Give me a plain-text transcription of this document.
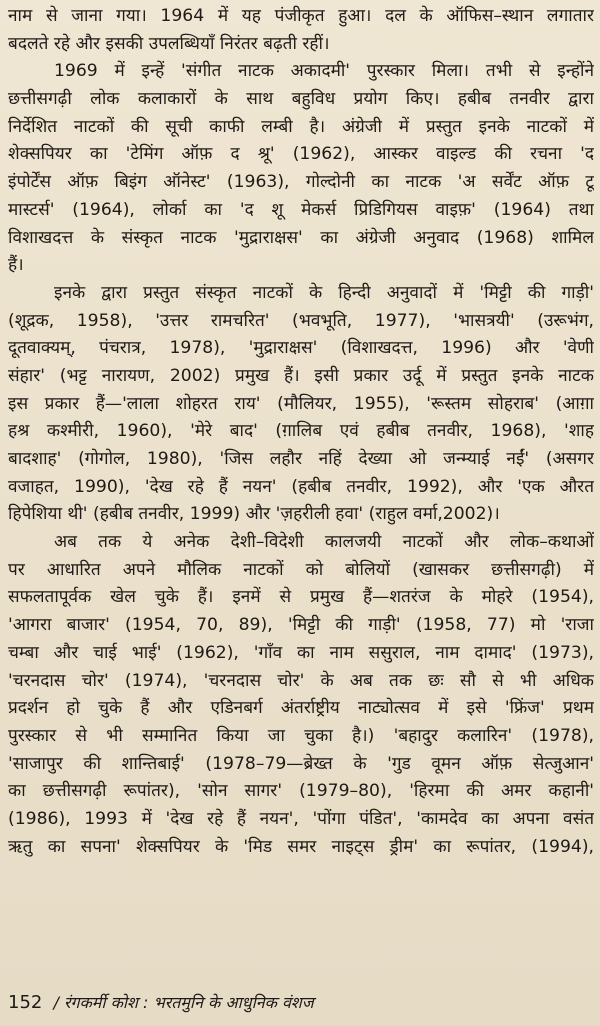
नाम से जाना गया। 1964 में यह पंजीकृत हुआ। दल के ऑफिस–स्थान लगातार
बदलते रहे और इसकी उपलब्धियाँ निरंतर बढ़ती रहीं।
1969 में इन्हें 'संगीत नाटक अकादमी' पुरस्कार मिला। तभी से इन्होंने
छत्तीसगढ़ी लोक कलाकारों के साथ बहुविध प्रयोग किए। हबीब तनवीर द्वारा
निर्देशित नाटकों की सूची काफी लम्बी है। अंग्रेजी में प्रस्तुत इनके नाटकों में
शेक्सपियर का 'टेमिंग ऑफ़ द श्रू' (1962), आस्कर वाइल्ड की रचना 'द
इंपोर्टेंस ऑफ़ बिइंग ऑनेस्ट' (1963), गोल्दोनी का नाटक 'अ सर्वेंट ऑफ़ टू
मास्टर्स' (1964), लोर्का का 'द शू मेकर्स प्रिडिगियस वाइफ़' (1964) तथा
विशाखदत्त के संस्कृत नाटक 'मुद्राराक्षस' का अंग्रेजी अनुवाद (1968) शामिल
हैं।
इनके द्वारा प्रस्तुत संस्कृत नाटकों के हिन्दी अनुवादों में 'मिट्टी की गाड़ी'
(शूद्रक, 1958), 'उत्तर रामचरित' (भवभूति, 1977), 'भासत्रयी' (उरूभंग,
दूतवाक्यम्, पंचरात्र, 1978), 'मुद्राराक्षस' (विशाखदत्त, 1996) और 'वेणी
संहार' (भट्ट नारायण, 2002) प्रमुख हैं। इसी प्रकार उर्दू में प्रस्तुत इनके नाटक
इस प्रकार हैं—'लाला शोहरत राय' (मौलियर, 1955), 'रूस्तम सोहराब' (आग़ा
हश्र कश्मीरी, 1960), 'मेरे बाद' (ग़ालिब एवं हबीब तनवीर, 1968), 'शाह
बादशाह' (गोगोल, 1980), 'जिस लहौर नहिं देख्या ओ जन्म्याई नईं' (असगर
वजाहत, 1990), 'देख रहे हैं नयन' (हबीब तनवीर, 1992), और 'एक औरत
हिपेशिया थी' (हबीब तनवीर, 1999) और 'ज़हरीली हवा' (राहुल वर्मा,2002)।
अब तक ये अनेक देशी–विदेशी कालजयी नाटकों और लोक–कथाओं
पर आधारित अपने मौलिक नाटकों को बोलियों (खासकर छत्तीसगढ़ी) में
सफलतापूर्वक खेल चुके हैं। इनमें से प्रमुख हैं—शतरंज के मोहरे (1954),
'आगरा बाजार' (1954, 70, 89), 'मिट्टी की गाड़ी' (1958, 77) मो 'राजा
चम्बा और चाई भाई' (1962), 'गाँव का नाम ससुराल, नाम दामाद' (1973),
'चरनदास चोर' (1974), 'चरनदास चोर' के अब तक छः सौ से भी अधिक
प्रदर्शन हो चुके हैं और एडिनबर्ग अंतर्राष्ट्रीय नाट्योत्सव में इसे 'फ्रिंज' प्रथम
पुरस्कार से भी सम्मानित किया जा चुका है।) 'बहादुर कलारिन' (1978),
'साजापुर की शान्तिबाई' (1978–79—ब्रेख्त के 'गुड वूमन ऑफ़ सेत्जुआन'
का छत्तीसगढ़ी रूपांतर), 'सोन सागर' (1979–80), 'हिरमा की अमर कहानी'
(1986), 1993 में 'देख रहे हैं नयन', 'पोंगा पंडित', 'कामदेव का अपना वसंत
ऋतु का सपना' शेक्सपियर के 'मिड समर नाइट्स ड्रीम' का रूपांतर, (1994),
152 / रंगकर्मी कोश : भरतमुनि के आधुनिक वंशज
